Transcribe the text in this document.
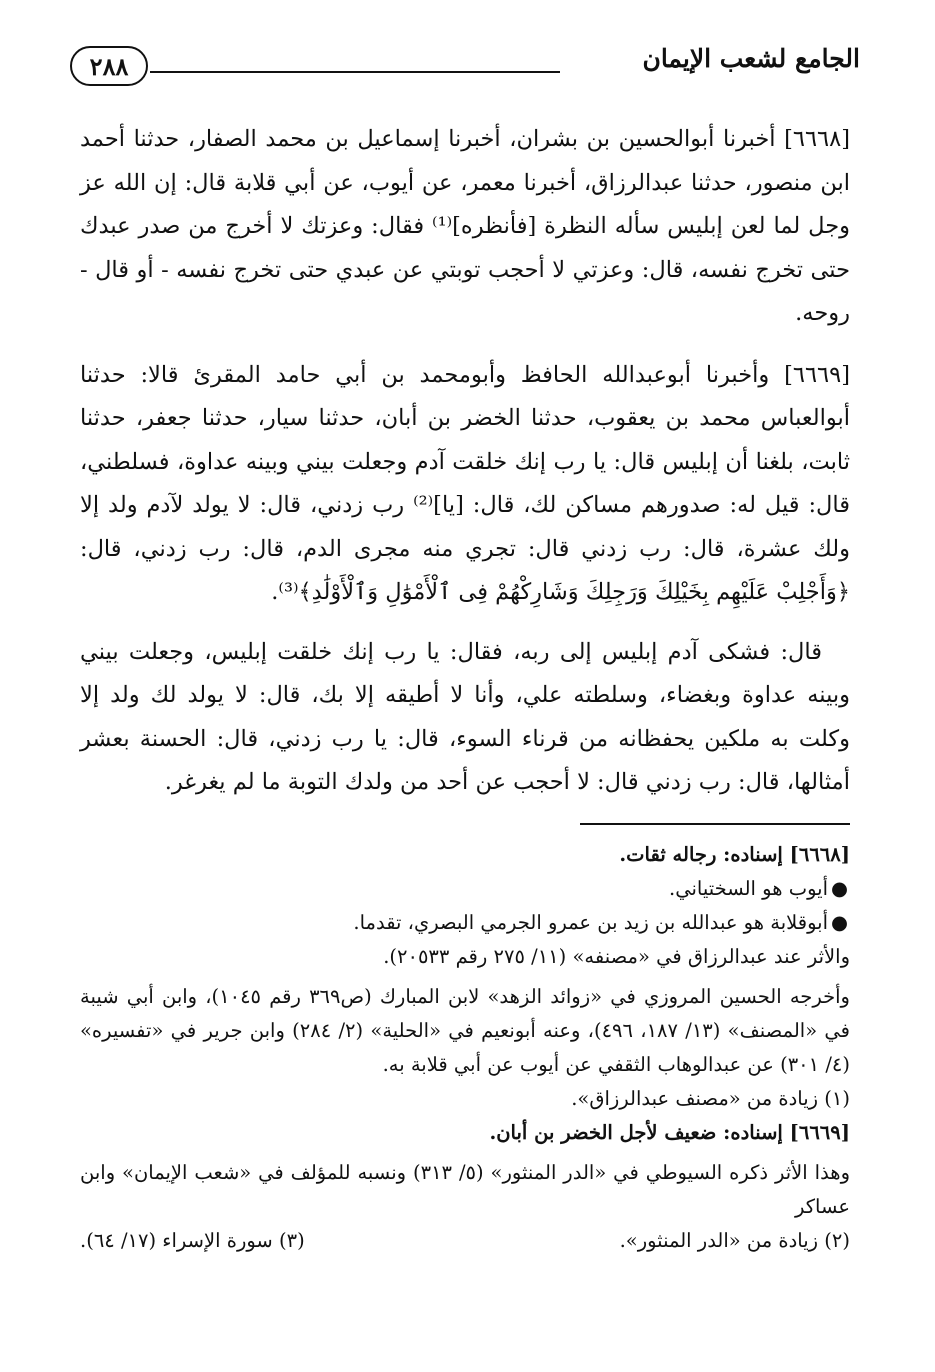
الجامع لشعب الإيمان
٢٨٨

[٦٦٦٨] أخبرنا أبوالحسين بن بشران، أخبرنا إسماعيل بن محمد الصفار، حدثنا أحمد ابن منصور، حدثنا عبدالرزاق، أخبرنا معمر، عن أيوب، عن أبي قلابة قال: إن الله عز وجل لما لعن إبليس سأله النظرة [فأنظره]⁽¹⁾ فقال: وعزتك لا أخرج من صدر عبدك حتى تخرج نفسه، قال: وعزتي لا أحجب توبتي عن عبدي حتى تخرج نفسه - أو قال - روحه.

[٦٦٦٩] وأخبرنا أبوعبدالله الحافظ وأبومحمد بن أبي حامد المقرئ قالا: حدثنا أبوالعباس محمد بن يعقوب، حدثنا الخضر بن أبان، حدثنا سيار، حدثنا جعفر، حدثنا ثابت، بلغنا أن إبليس قال: يا رب إنك خلقت آدم وجعلت بيني وبينه عداوة، فسلطني، قال: قيل له: صدورهم مساكن لك، قال: [يا]⁽²⁾ رب زدني، قال: لا يولد لآدم ولد إلا ولك عشرة، قال: رب زدني قال: تجري منه مجرى الدم، قال: رب زدني، قال: ﴿وَأَجْلِبْ عَلَيْهِم بِخَيْلِكَ وَرَجِلِكَ وَشَارِكْهُمْ فِى ٱلْأَمْوَٰلِ وَٱلْأَوْلَٰدِ﴾⁽³⁾.

قال: فشكى آدم إبليس إلى ربه، فقال: يا رب إنك خلقت إبليس، وجعلت بيني وبينه عداوة وبغضاء، وسلطته علي، وأنا لا أطيقه إلا بك، قال: لا يولد لك ولد إلا وكلت به ملكين يحفظانه من قرناء السوء، قال: يا رب زدني، قال: الحسنة بعشر أمثالها، قال: رب زدني قال: لا أحجب عن أحد من ولدك التوبة ما لم يغرغر.

[٦٦٦٨] إسناده: رجاله ثقات.

●
أيوب هو السختياني.

●
أبوقلابة هو عبدالله بن زيد بن عمرو الجرمي البصري، تقدما.

والأثر عند عبدالرزاق في «مصنفه» (١١/ ٢٧٥ رقم ٢٠٥٣٣).

وأخرجه الحسين المروزي في «زوائد الزهد» لابن المبارك (ص٣٦٩ رقم ١٠٤٥)، وابن أبي شيبة في «المصنف» (١٣/ ١٨٧، ٤٩٦)، وعنه أبونعيم في «الحلية» (٢/ ٢٨٤) وابن جرير في «تفسيره» (٤/ ٣٠١) عن عبدالوهاب الثقفي عن أيوب عن أبي قلابة به.

(١) زيادة من «مصنف عبدالرزاق».

[٦٦٦٩] إسناده: ضعيف لأجل الخضر بن أبان.

وهذا الأثر ذكره السيوطي في «الدر المنثور» (٥/ ٣١٣) ونسبه للمؤلف في «شعب الإيمان» وابن عساكر

(٢) زيادة من «الدر المنثور».
(٣) سورة الإسراء (١٧/ ٦٤).
